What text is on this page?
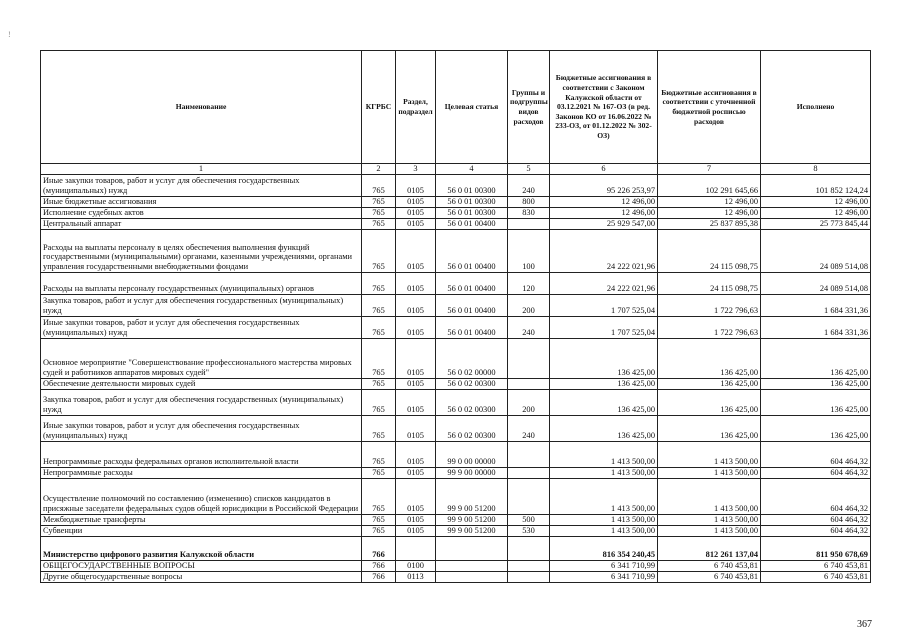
!
Наименование	КГРБС	Раздел, подраздел	Целевая статья	Группы и подгруппы видов расходов	Бюджетные ассигнования в соответствии с Законом Калужской области от 03.12.2021 № 167-ОЗ (в ред. Законов КО от 16.06.2022 № 233-ОЗ, от 01.12.2022 № 302-ОЗ)	Бюджетные ассигнования в соответствии с уточненной бюджетной росписью расходов	Исполнено
1	2	3	4	5	6	7	8
Иные закупки товаров, работ и услуг для обеспечения государственных (муниципальных) нужд	765	0105	56 0 01 00300	240	95 226 253,97	102 291 645,66	101 852 124,24
Иные бюджетные ассигнования	765	0105	56 0 01 00300	800	12 496,00	12 496,00	12 496,00
Исполнение судебных актов	765	0105	56 0 01 00300	830	12 496,00	12 496,00	12 496,00
Центральный аппарат	765	0105	56 0 01 00400		25 929 547,00	25 837 895,38	25 773 845,44
Расходы на выплаты персоналу в целях обеспечения выполнения функций государственными (муниципальными) органами, казенными учреждениями, органами управления государственными внебюджетными фондами	765	0105	56 0 01 00400	100	24 222 021,96	24 115 098,75	24 089 514,08
Расходы на выплаты персоналу государственных (муниципальных) органов	765	0105	56 0 01 00400	120	24 222 021,96	24 115 098,75	24 089 514,08
Закупка товаров, работ и услуг для обеспечения государственных (муниципальных) нужд	765	0105	56 0 01 00400	200	1 707 525,04	1 722 796,63	1 684 331,36
Иные закупки товаров, работ и услуг для обеспечения государственных (муниципальных) нужд	765	0105	56 0 01 00400	240	1 707 525,04	1 722 796,63	1 684 331,36
Основное мероприятие "Совершенствование профессионального мастерства мировых судей и работников аппаратов мировых судей"	765	0105	56 0 02 00000		136 425,00	136 425,00	136 425,00
Обеспечение деятельности мировых судей	765	0105	56 0 02 00300		136 425,00	136 425,00	136 425,00
Закупка товаров, работ и услуг для обеспечения государственных (муниципальных) нужд	765	0105	56 0 02 00300	200	136 425,00	136 425,00	136 425,00
Иные закупки товаров, работ и услуг для обеспечения государственных (муниципальных) нужд	765	0105	56 0 02 00300	240	136 425,00	136 425,00	136 425,00
Непрограммные расходы федеральных органов исполнительной власти	765	0105	99 0 00 00000		1 413 500,00	1 413 500,00	604 464,32
Непрограммные расходы	765	0105	99 9 00 00000		1 413 500,00	1 413 500,00	604 464,32
Осуществление полномочий по составлению (изменению) списков кандидатов в присяжные заседатели федеральных судов общей юрисдикции в Российской Федерации	765	0105	99 9 00 51200		1 413 500,00	1 413 500,00	604 464,32
Межбюджетные трансферты	765	0105	99 9 00 51200	500	1 413 500,00	1 413 500,00	604 464,32
Субвенции	765	0105	99 9 00 51200	530	1 413 500,00	1 413 500,00	604 464,32
Министерство цифрового развития Калужской области	766				816 354 240,45	812 261 137,04	811 950 678,69
ОБЩЕГОСУДАРСТВЕННЫЕ ВОПРОСЫ	766	0100			6 341 710,99	6 740 453,81	6 740 453,81
Другие общегосударственные вопросы	766	0113			6 341 710,99	6 740 453,81	6 740 453,81
367
